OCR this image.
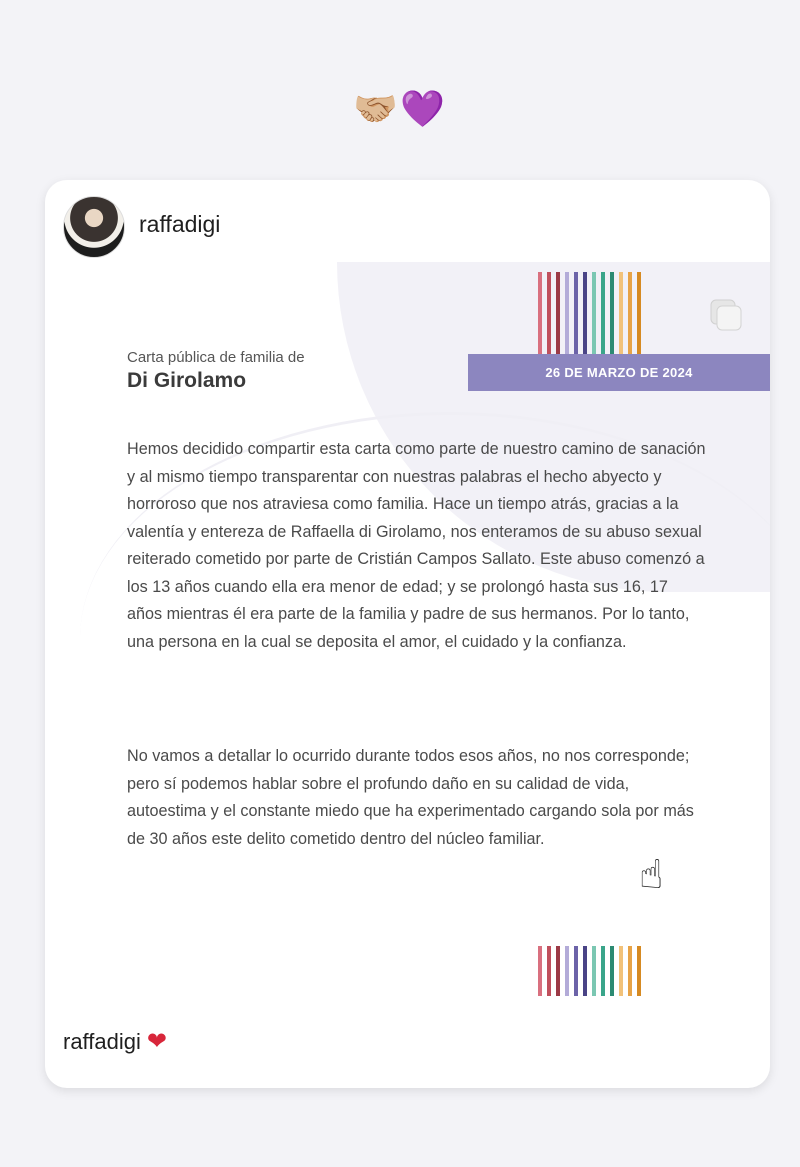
🤝🏼💜
raffadigi
26 DE MARZO DE 2024
Carta pública de familia de
Di Girolamo
Hemos decidido compartir esta carta como parte de nuestro camino de sanación y al mismo tiempo transparentar con nuestras palabras el hecho abyecto y horroroso que nos atraviesa como familia. Hace un tiempo atrás, gracias a la valentía y entereza de Raffaella di Girolamo, nos enteramos de su abuso sexual reiterado cometido por parte de Cristián Campos Sallato. Este abuso comenzó a los 13 años cuando ella era menor de edad; y se prolongó hasta sus 16, 17 años mientras él era parte de la familia y padre de sus hermanos. Por lo tanto, una persona en la cual se deposita el amor, el cuidado y la confianza.
No vamos a detallar lo ocurrido durante todos esos años, no nos corresponde; pero sí podemos hablar sobre el profundo daño en su calidad de vida, autoestima y el constante miedo que ha experimentado cargando sola por más de 30 años este delito cometido dentro del núcleo familiar.
☝
raffadigi ❤
